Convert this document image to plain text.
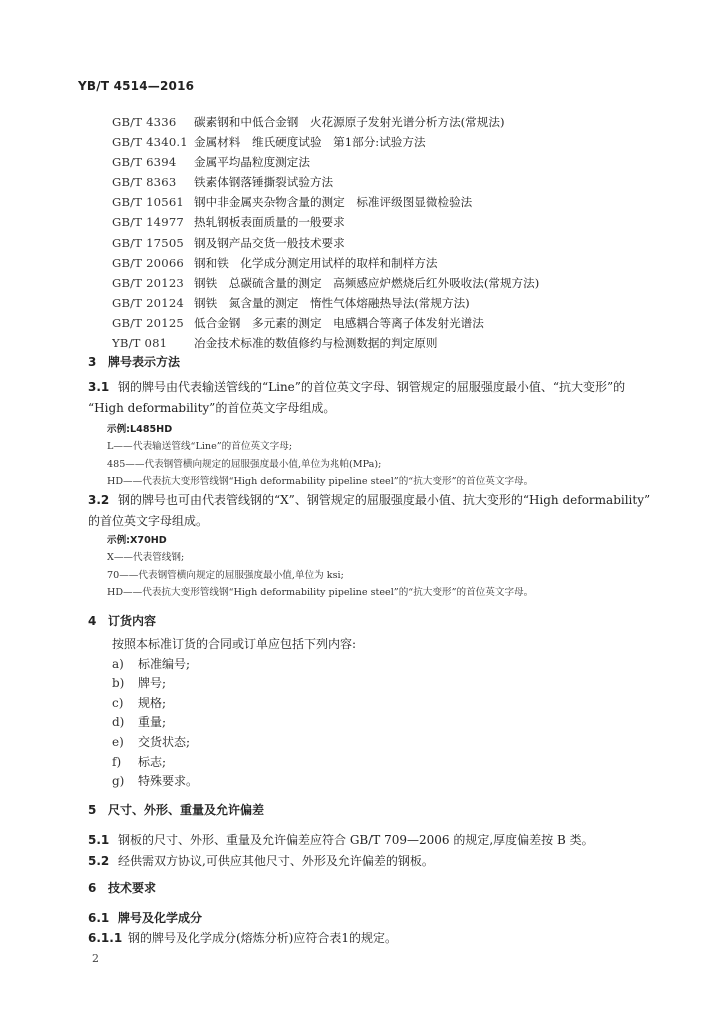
YB/T 4514—2016
GB/T 4336 碳素钢和中低合金钢　火花源原子发射光谱分析方法(常规法)
GB/T 4340.1 金属材料　维氏硬度试验　第1部分:试验方法
GB/T 6394 金属平均晶粒度测定法
GB/T 8363 铁素体钢落锤撕裂试验方法
GB/T 10561 钢中非金属夹杂物含量的测定　标准评级图显微检验法
GB/T 14977 热轧钢板表面质量的一般要求
GB/T 17505 钢及钢产品交货一般技术要求
GB/T 20066 钢和铁　化学成分测定用试样的取样和制样方法
GB/T 20123 钢铁　总碳硫含量的测定　高频感应炉燃烧后红外吸收法(常规方法)
GB/T 20124 钢铁　氮含量的测定　惰性气体熔融热导法(常规方法)
GB/T 20125 低合金钢　多元素的测定　电感耦合等离子体发射光谱法
YB/T 081 冶金技术标准的数值修约与检测数据的判定原则
3 牌号表示方法
3.1 钢的牌号由代表输送管线的“Line”的首位英文字母、钢管规定的屈服强度最小值、“抗大变形”的
“High deformability”的首位英文字母组成。
示例:L485HD
L——代表输送管线“Line”的首位英文字母;
485——代表钢管横向规定的屈服强度最小值,单位为兆帕(MPa);
HD——代表抗大变形管线钢“High deformability pipeline steel”的“抗大变形”的首位英文字母。
3.2 钢的牌号也可由代表管线钢的“X”、钢管规定的屈服强度最小值、抗大变形的“High deformability”
的首位英文字母组成。
示例:X70HD
X——代表管线钢;
70——代表钢管横向规定的屈服强度最小值,单位为 ksi;
HD——代表抗大变形管线钢“High deformability pipeline steel”的“抗大变形”的首位英文字母。
4 订货内容
按照本标准订货的合同或订单应包括下列内容:
a) 标准编号;
b) 牌号;
c) 规格;
d) 重量;
e) 交货状态;
f) 标志;
g) 特殊要求。
5 尺寸、外形、重量及允许偏差
5.1 钢板的尺寸、外形、重量及允许偏差应符合 GB/T 709—2006 的规定,厚度偏差按 B 类。
5.2 经供需双方协议,可供应其他尺寸、外形及允许偏差的钢板。
6 技术要求
6.1 牌号及化学成分
6.1.1 钢的牌号及化学成分(熔炼分析)应符合表1的规定。
2
